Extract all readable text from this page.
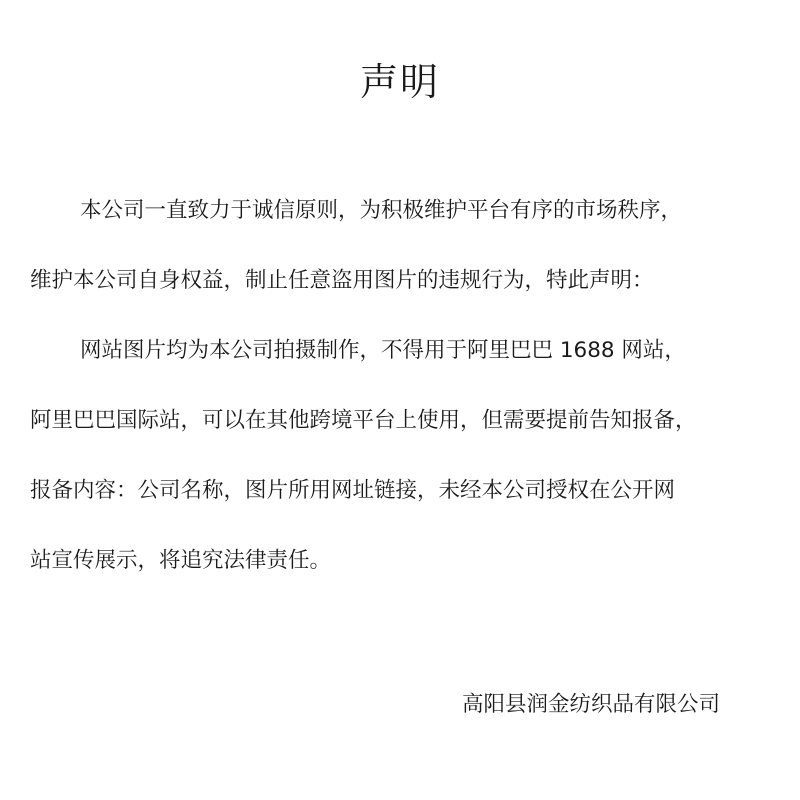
声明
本公司一直致力于诚信原则，为积极维护平台有序的市场秩序，
维护本公司自身权益，制止任意盗用图片的违规行为，特此声明：
网站图片均为本公司拍摄制作，不得用于阿里巴巴 1688 网站，
阿里巴巴国际站，可以在其他跨境平台上使用，但需要提前告知报备，
报备内容：公司名称，图片所用网址链接，未经本公司授权在公开网
站宣传展示，将追究法律责任。
高阳县润金纺织品有限公司
